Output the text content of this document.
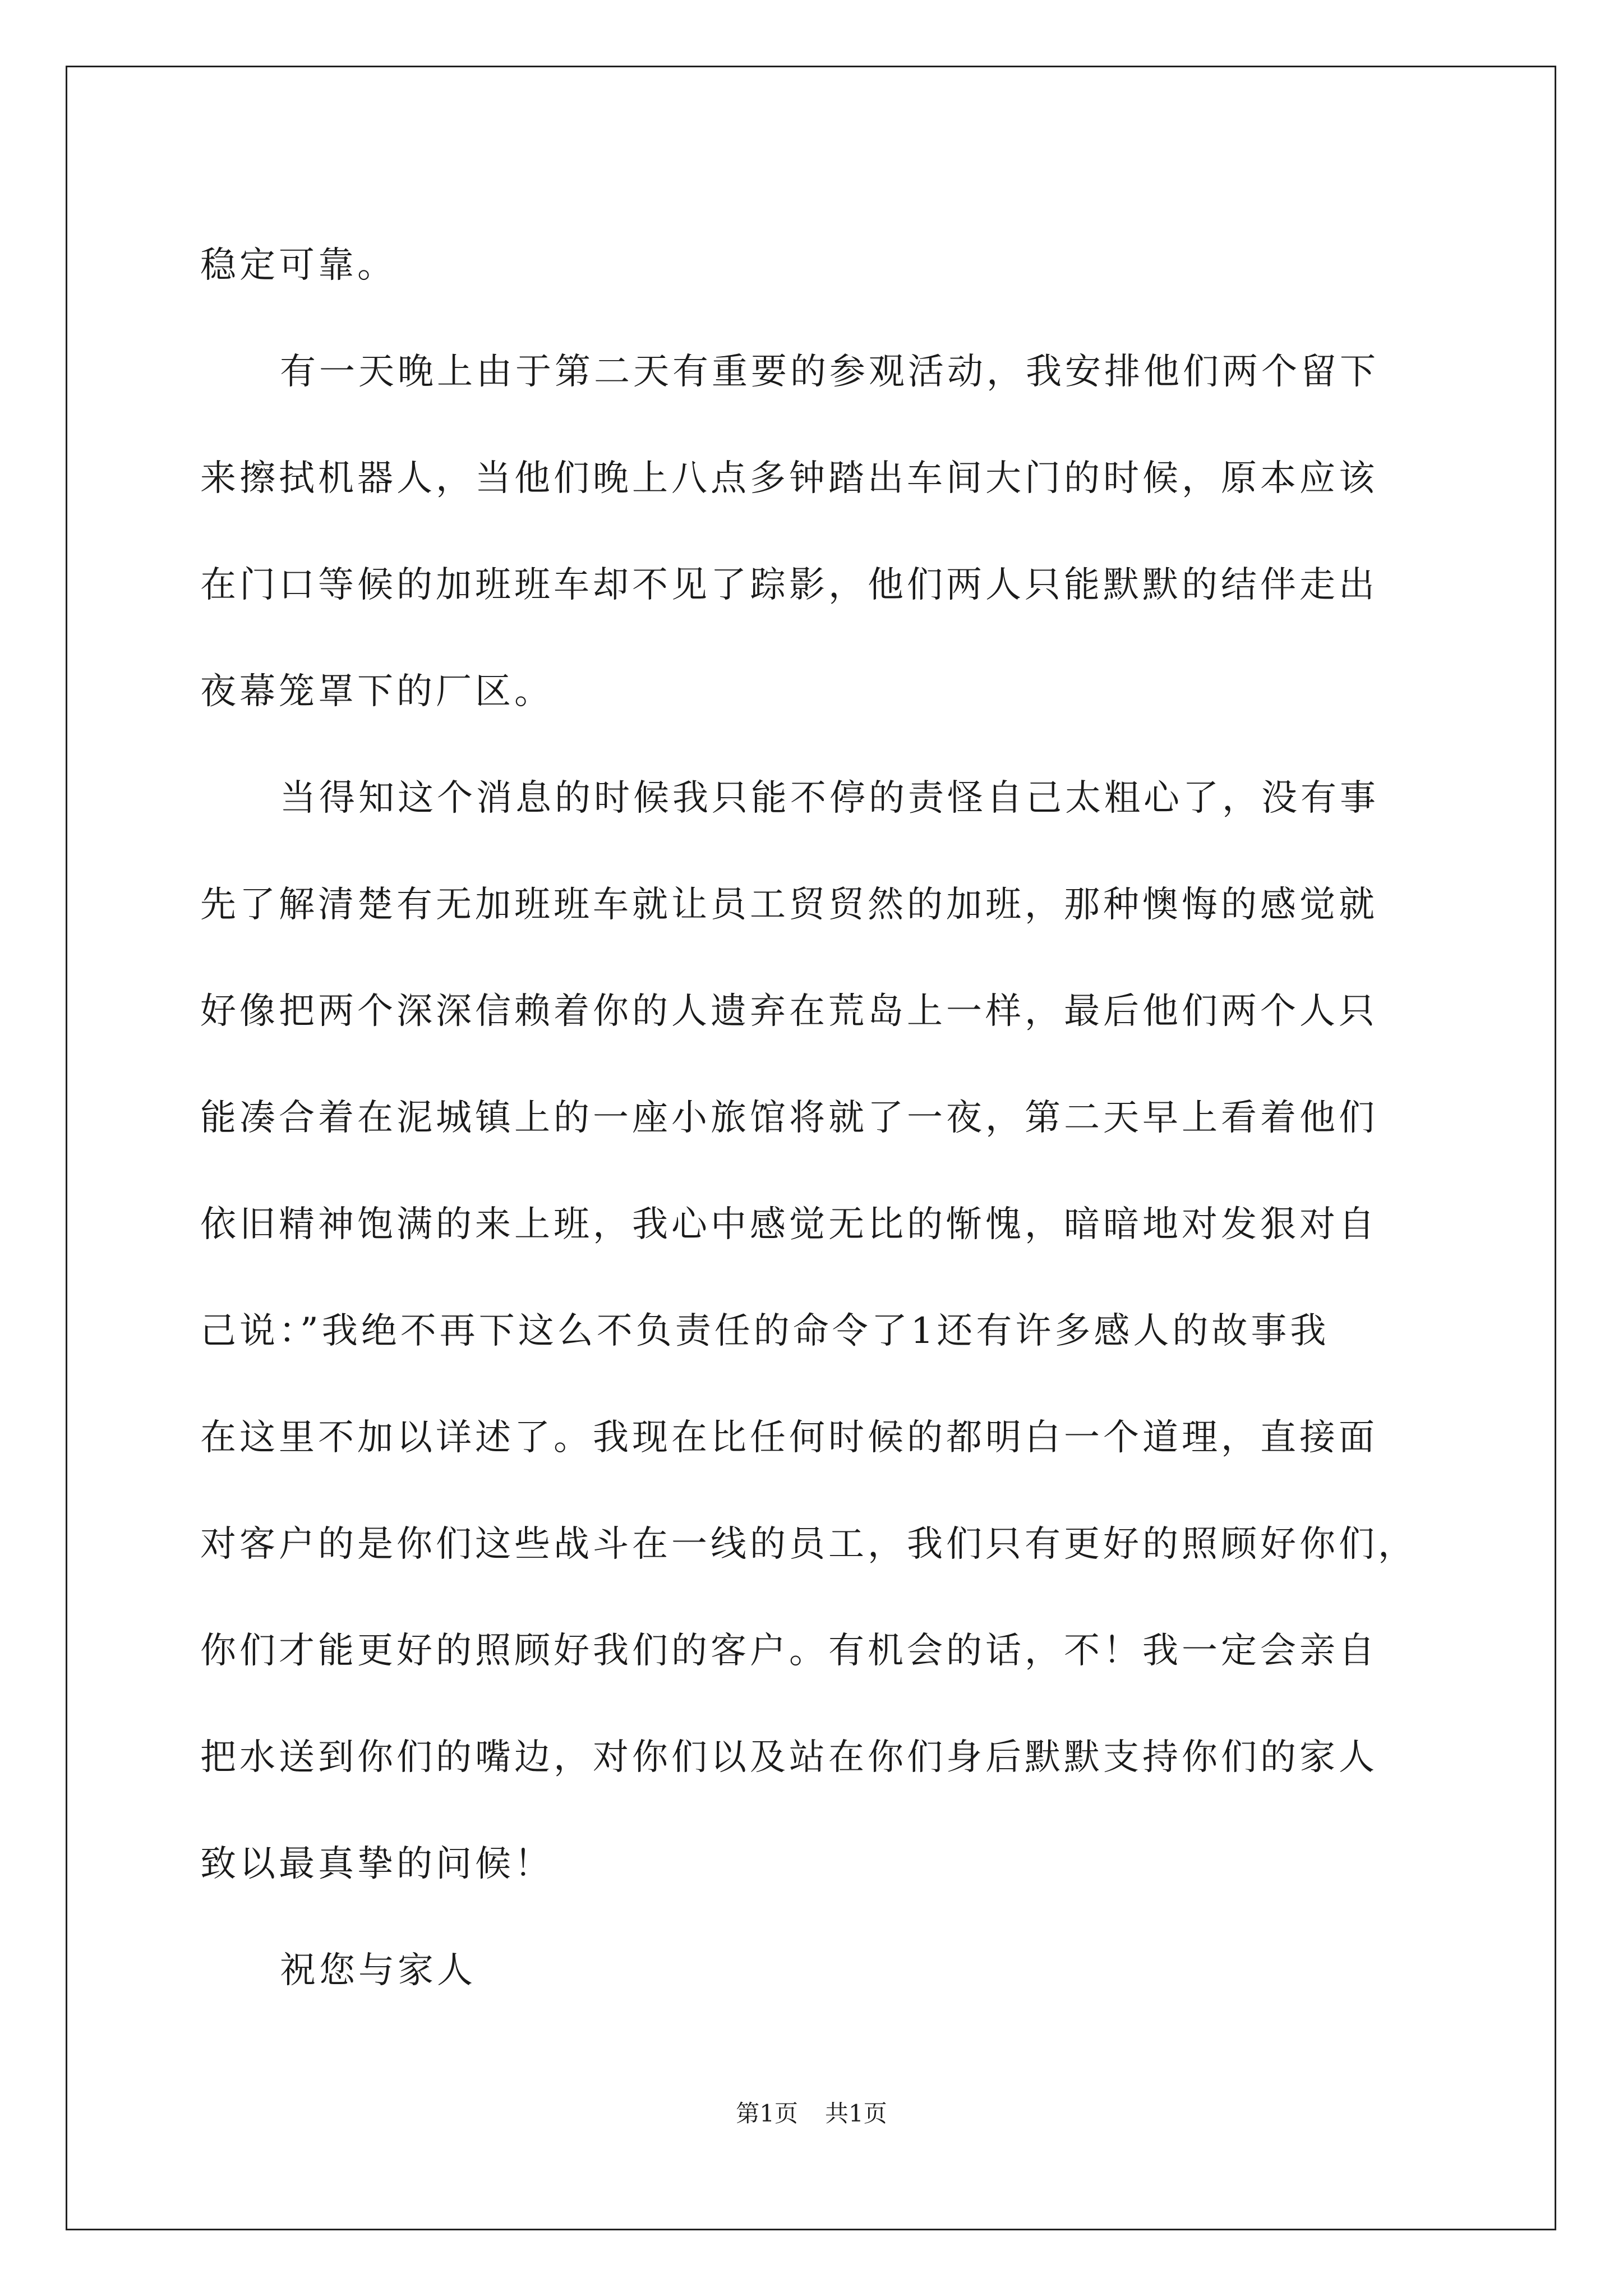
稳定可靠。
有一天晚上由于第二天有重要的参观活动，我安排他们两个留下
来擦拭机器人，当他们晚上八点多钟踏出车间大门的时候，原本应该
在门口等候的加班班车却不见了踪影，他们两人只能默默的结伴走出
夜幕笼罩下的厂区。
当得知这个消息的时候我只能不停的责怪自己太粗心了，没有事
先了解清楚有无加班班车就让员工贸贸然的加班，那种懊悔的感觉就
好像把两个深深信赖着你的人遗弃在荒岛上一样，最后他们两个人只
能凑合着在泥城镇上的一座小旅馆将就了一夜，第二天早上看着他们
依旧精神饱满的来上班，我心中感觉无比的惭愧，暗暗地对发狠对自
己说：”我绝不再下这么不负责任的命令了1还有许多感人的故事我
在这里不加以详述了。我现在比任何时候的都明白一个道理，直接面
对客户的是你们这些战斗在一线的员工，我们只有更好的照顾好你们，
你们才能更好的照顾好我们的客户。有机会的话，不！我一定会亲自
把水送到你们的嘴边，对你们以及站在你们身后默默支持你们的家人
致以最真挚的问候！
祝您与家人
第1页 共1页
